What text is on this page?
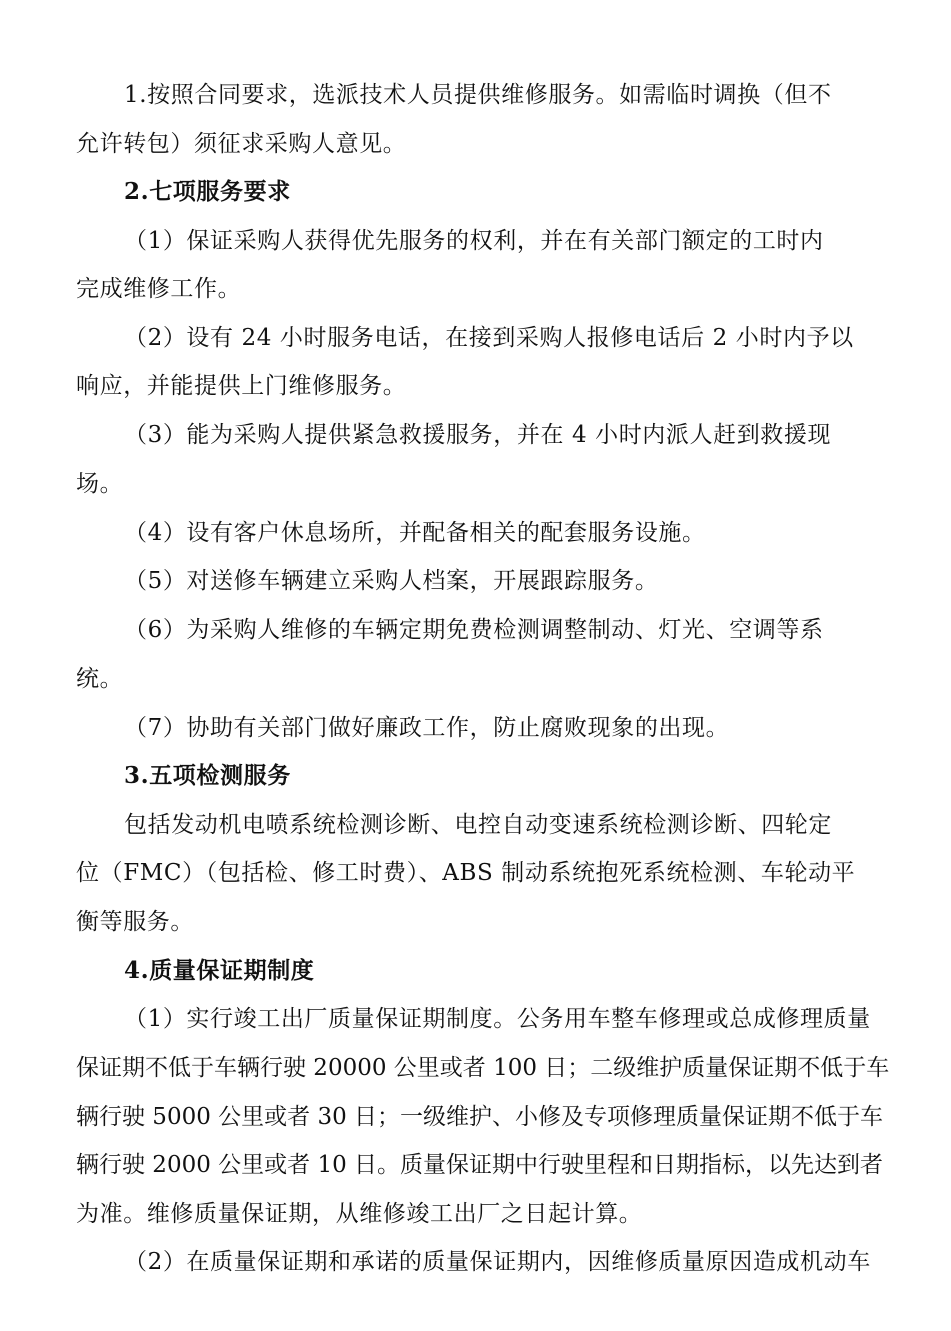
1.按照合同要求，选派技术人员提供维修服务。如需临时调换（但不
允许转包）须征求采购人意见。
2.七项服务要求
（1）保证采购人获得优先服务的权利，并在有关部门额定的工时内
完成维修工作。
（2）设有 24 小时服务电话，在接到采购人报修电话后 2 小时内予以
响应，并能提供上门维修服务。
（3）能为采购人提供紧急救援服务，并在 4 小时内派人赶到救援现
场。
（4）设有客户休息场所，并配备相关的配套服务设施。
（5）对送修车辆建立采购人档案，开展跟踪服务。
（6）为采购人维修的车辆定期免费检测调整制动、灯光、空调等系
统。
（7）协助有关部门做好廉政工作，防止腐败现象的出现。
3.五项检测服务
包括发动机电喷系统检测诊断、电控自动变速系统检测诊断、四轮定
位（FMC）（包括检、修工时费）、ABS 制动系统抱死系统检测、车轮动平
衡等服务。
4.质量保证期制度
（1）实行竣工出厂质量保证期制度。公务用车整车修理或总成修理质量
保证期不低于车辆行驶 20000 公里或者 100 日；二级维护质量保证期不低于车
辆行驶 5000 公里或者 30 日；一级维护、小修及专项修理质量保证期不低于车
辆行驶 2000 公里或者 10 日。质量保证期中行驶里程和日期指标，以先达到者
为准。维修质量保证期，从维修竣工出厂之日起计算。
（2）在质量保证期和承诺的质量保证期内，因维修质量原因造成机动车
